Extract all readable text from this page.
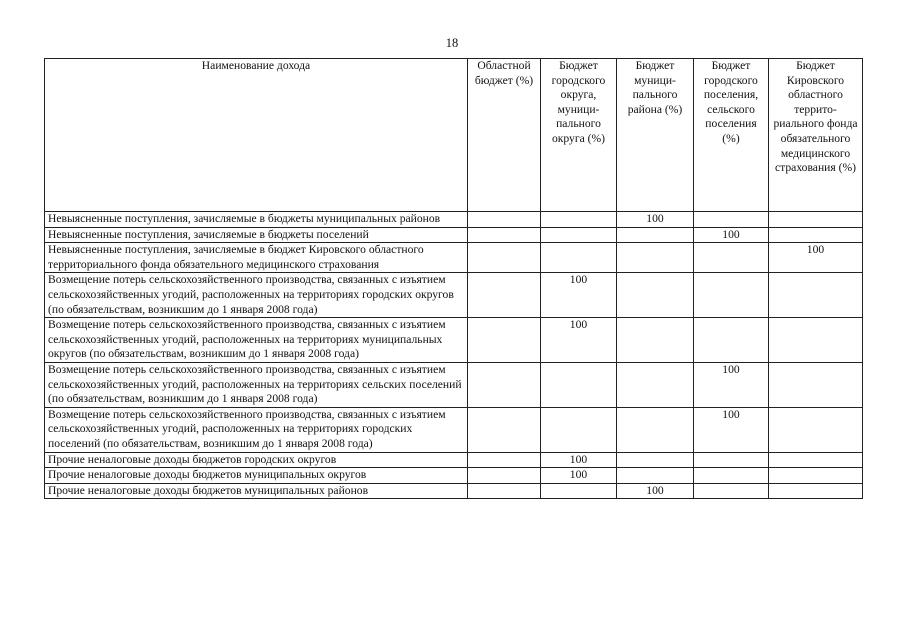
18
Наименование дохода	Областной бюджет (%)	Бюджет городского округа, муници-пального округа (%)	Бюджет муници-пального района (%)	Бюджет городского поселения, сельского поселения (%)	Бюджет Кировского областного террито-риального фонда обязательного медицинского страхования (%)
Невыясненные поступления, зачисляемые в бюджеты муниципальных районов			100		
Невыясненные поступления, зачисляемые в бюджеты поселений				100	
Невыясненные поступления, зачисляемые в бюджет Кировского областного территориального фонда обязательного медицинского страхования					100
Возмещение потерь сельскохозяйственного производства, связанных с изъятием сельскохозяйственных угодий, расположенных на территориях городских округов (по обязательствам, возникшим до 1 января 2008 года)		100			
Возмещение потерь сельскохозяйственного производства, связанных с изъятием сельскохозяйственных угодий, расположенных на территориях муниципальных округов (по обязательствам, возникшим до 1 января 2008 года)		100			
Возмещение потерь сельскохозяйственного производства, связанных с изъятием сельскохозяйственных угодий, расположенных на территориях сельских поселений (по обязательствам, возникшим до 1 января 2008 года)				100	
Возмещение потерь сельскохозяйственного производства, связанных с изъятием сельскохозяйственных угодий, расположенных на территориях городских поселений (по обязательствам, возникшим до 1 января 2008 года)				100	
Прочие неналоговые доходы бюджетов городских округов		100			
Прочие неналоговые доходы бюджетов муниципальных округов		100			
Прочие неналоговые доходы бюджетов муниципальных районов			100		
